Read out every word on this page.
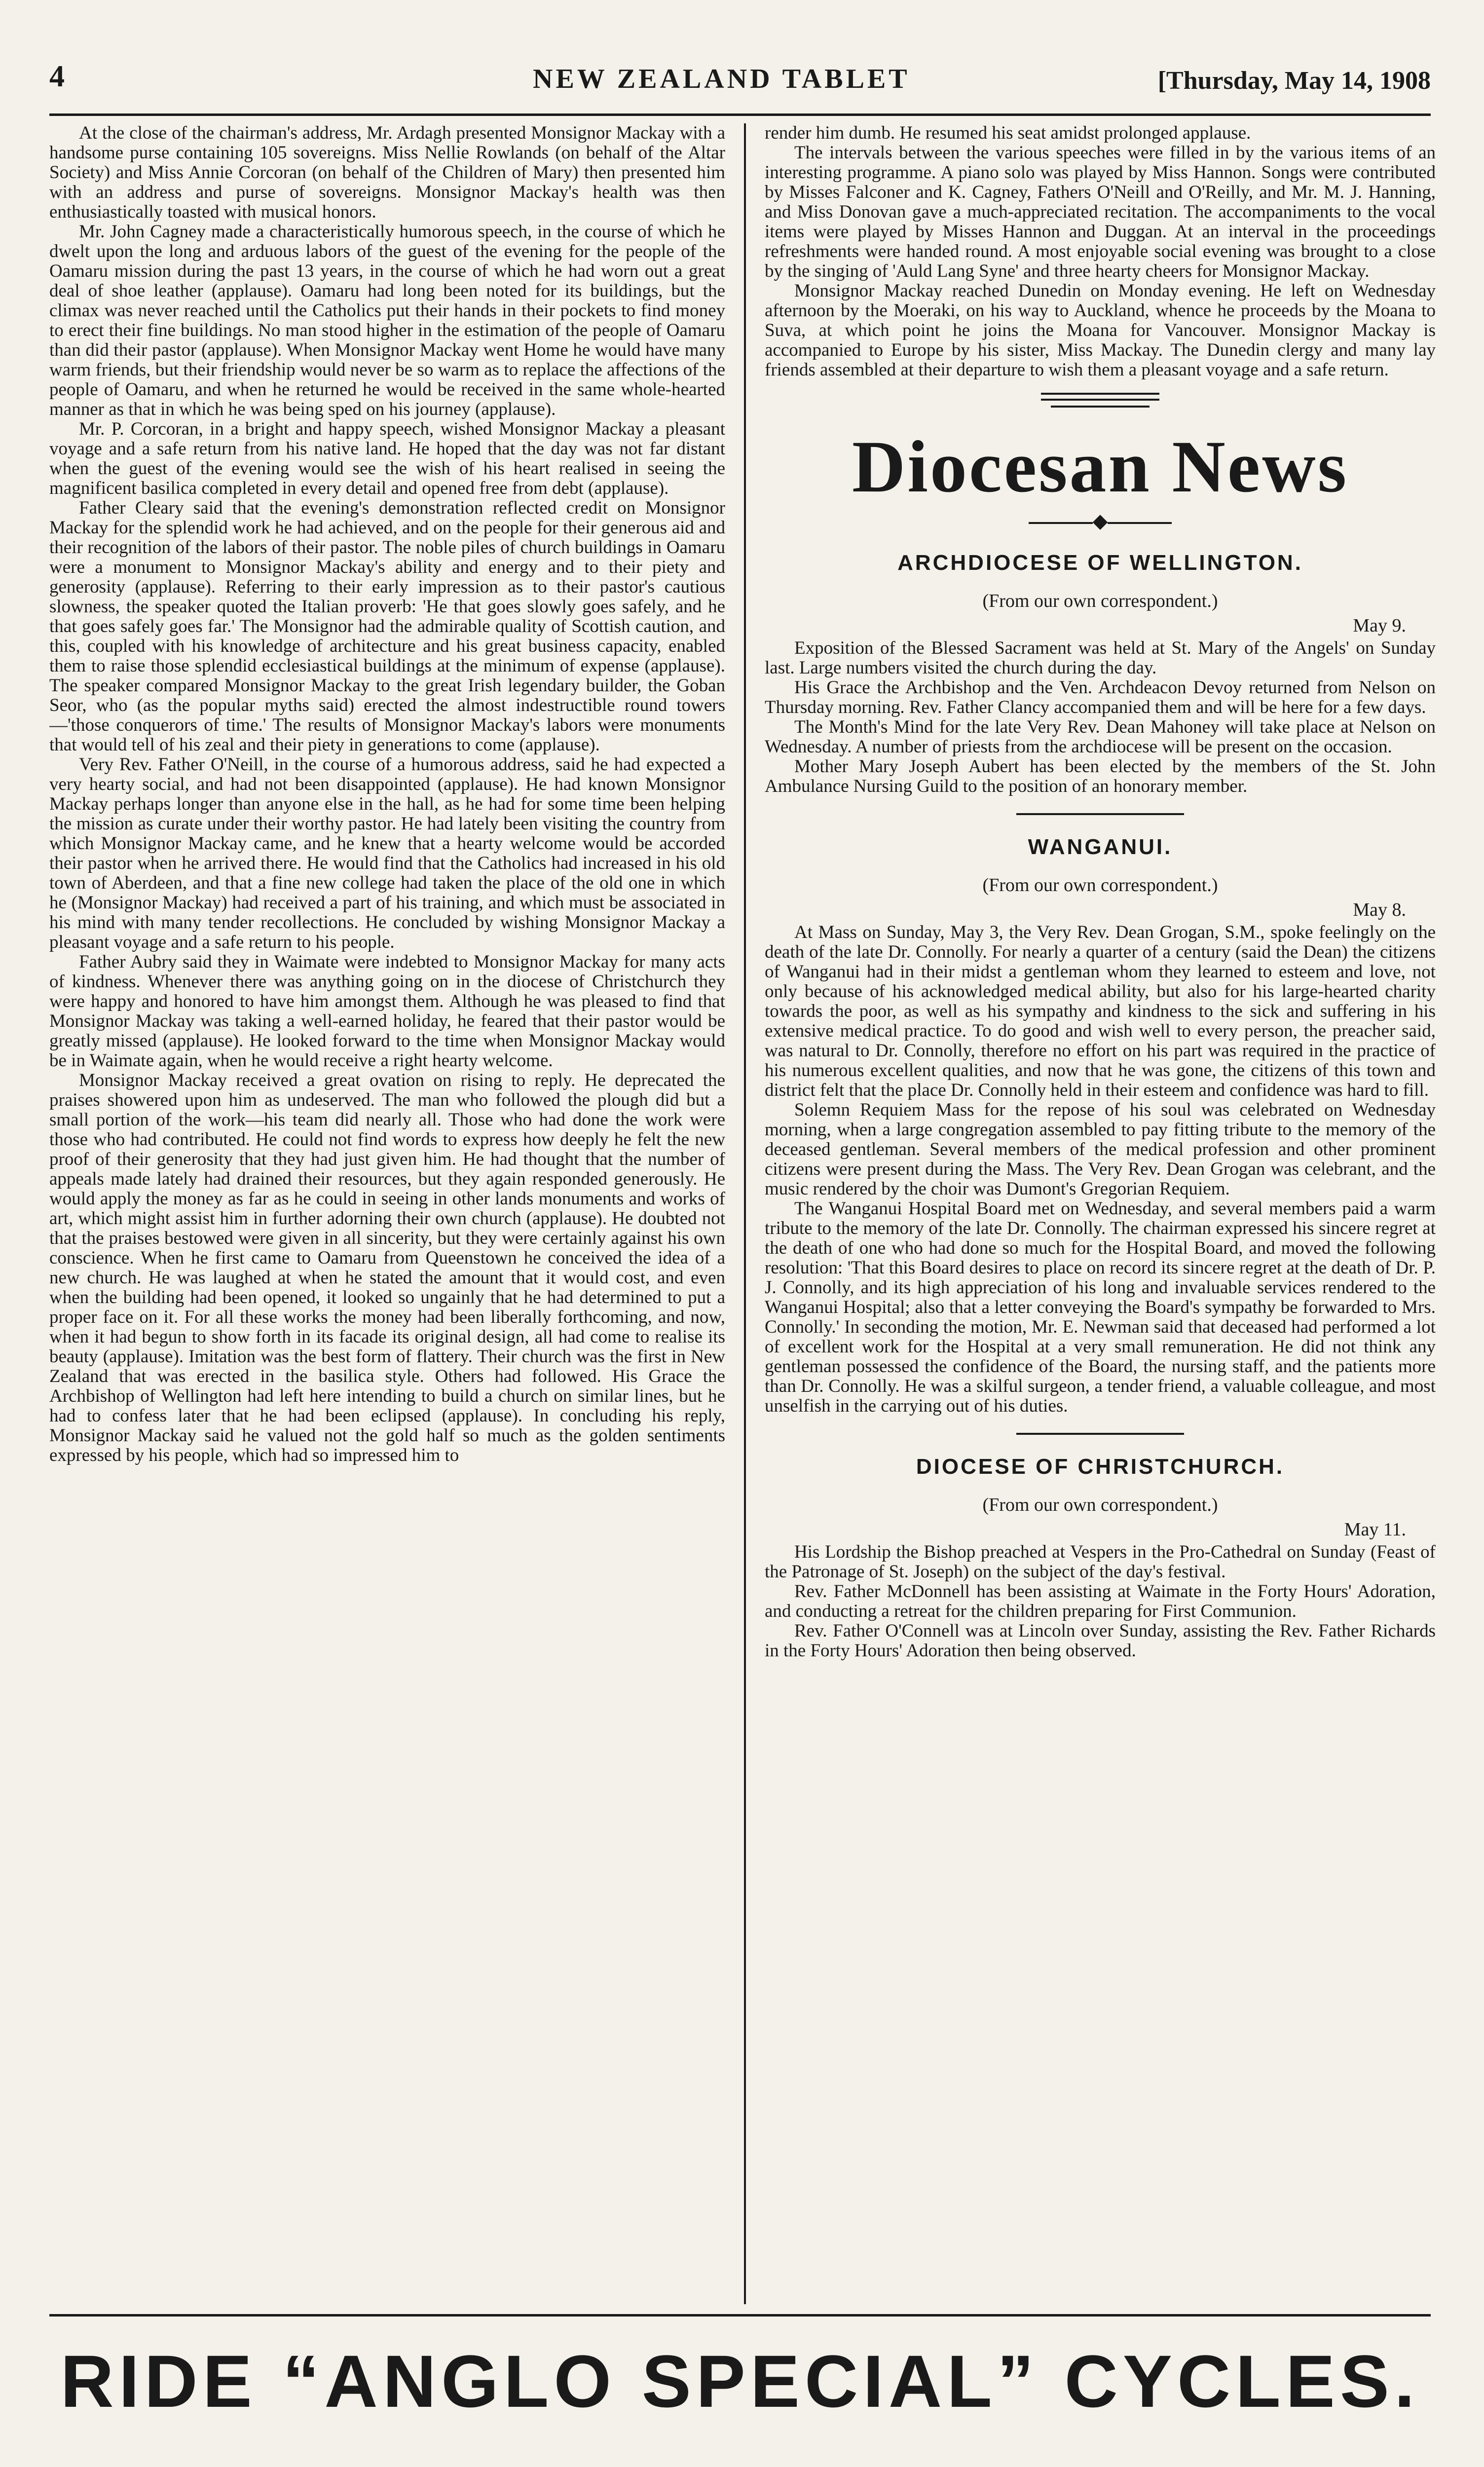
4	NEW ZEALAND TABLET	[Thursday, May 14, 1908

At the close of the chairman's address, Mr. Ardagh presented Monsignor Mackay with a handsome purse containing 105 sovereigns. Miss Nellie Rowlands (on behalf of the Altar Society) and Miss Annie Corcoran (on behalf of the Children of Mary) then presented him with an address and purse of sovereigns. Monsignor Mackay's health was then enthusiastically toasted with musical honors.

Mr. John Cagney made a characteristically humorous speech, in the course of which he dwelt upon the long and arduous labors of the guest of the evening for the people of the Oamaru mission during the past 13 years, in the course of which he had worn out a great deal of shoe leather (applause). Oamaru had long been noted for its buildings, but the climax was never reached until the Catholics put their hands in their pockets to find money to erect their fine buildings. No man stood higher in the estimation of the people of Oamaru than did their pastor (applause). When Monsignor Mackay went Home he would have many warm friends, but their friendship would never be so warm as to replace the affections of the people of Oamaru, and when he returned he would be received in the same whole-hearted manner as that in which he was being sped on his journey (applause).

Mr. P. Corcoran, in a bright and happy speech, wished Monsignor Mackay a pleasant voyage and a safe return from his native land. He hoped that the day was not far distant when the guest of the evening would see the wish of his heart realised in seeing the magnificent basilica completed in every detail and opened free from debt (applause).

Father Cleary said that the evening's demonstration reflected credit on Monsignor Mackay for the splendid work he had achieved, and on the people for their generous aid and their recognition of the labors of their pastor. The noble piles of church buildings in Oamaru were a monument to Monsignor Mackay's ability and energy and to their piety and generosity (applause). Referring to their early impression as to their pastor's cautious slowness, the speaker quoted the Italian proverb: 'He that goes slowly goes safely, and he that goes safely goes far.' The Monsignor had the admirable quality of Scottish caution, and this, coupled with his knowledge of architecture and his great business capacity, enabled them to raise those splendid ecclesiastical buildings at the minimum of expense (applause). The speaker compared Monsignor Mackay to the great Irish legendary builder, the Goban Seor, who (as the popular myths said) erected the almost indestructible round towers—'those conquerors of time.' The results of Monsignor Mackay's labors were monuments that would tell of his zeal and their piety in generations to come (applause).

Very Rev. Father O'Neill, in the course of a humorous address, said he had expected a very hearty social, and had not been disappointed (applause). He had known Monsignor Mackay perhaps longer than anyone else in the hall, as he had for some time been helping the mission as curate under their worthy pastor. He had lately been visiting the country from which Monsignor Mackay came, and he knew that a hearty welcome would be accorded their pastor when he arrived there. He would find that the Catholics had increased in his old town of Aberdeen, and that a fine new college had taken the place of the old one in which he (Monsignor Mackay) had received a part of his training, and which must be associated in his mind with many tender recollections. He concluded by wishing Monsignor Mackay a pleasant voyage and a safe return to his people.

Father Aubry said they in Waimate were indebted to Monsignor Mackay for many acts of kindness. Whenever there was anything going on in the diocese of Christchurch they were happy and honored to have him amongst them. Although he was pleased to find that Monsignor Mackay was taking a well-earned holiday, he feared that their pastor would be greatly missed (applause). He looked forward to the time when Monsignor Mackay would be in Waimate again, when he would receive a right hearty welcome.

Monsignor Mackay received a great ovation on rising to reply. He deprecated the praises showered upon him as undeserved. The man who followed the plough did but a small portion of the work—his team did nearly all. Those who had done the work were those who had contributed. He could not find words to express how deeply he felt the new proof of their generosity that they had just given him. He had thought that the number of appeals made lately had drained their resources, but they again responded generously. He would apply the money as far as he could in seeing in other lands monuments and works of art, which might assist him in further adorning their own church (applause). He doubted not that the praises bestowed were given in all sincerity, but they were certainly against his own conscience. When he first came to Oamaru from Queenstown he conceived the idea of a new church. He was laughed at when he stated the amount that it would cost, and even when the building had been opened, it looked so ungainly that he had determined to put a proper face on it. For all these works the money had been liberally forthcoming, and now, when it had begun to show forth in its facade its original design, all had come to realise its beauty (applause). Imitation was the best form of flattery. Their church was the first in New Zealand that was erected in the basilica style. Others had followed. His Grace the Archbishop of Wellington had left here intending to build a church on similar lines, but he had to confess later that he had been eclipsed (applause). In concluding his reply, Monsignor Mackay said he valued not the gold half so much as the golden sentiments expressed by his people, which had so impressed him to

render him dumb. He resumed his seat amidst prolonged applause.

The intervals between the various speeches were filled in by the various items of an interesting programme. A piano solo was played by Miss Hannon. Songs were contributed by Misses Falconer and K. Cagney, Fathers O'Neill and O'Reilly, and Mr. M. J. Hanning, and Miss Donovan gave a much-appreciated recitation. The accompaniments to the vocal items were played by Misses Hannon and Duggan. At an interval in the proceedings refreshments were handed round. A most enjoyable social evening was brought to a close by the singing of 'Auld Lang Syne' and three hearty cheers for Monsignor Mackay.

Monsignor Mackay reached Dunedin on Monday evening. He left on Wednesday afternoon by the Moeraki, on his way to Auckland, whence he proceeds by the Moana to Suva, at which point he joins the Moana for Vancouver. Monsignor Mackay is accompanied to Europe by his sister, Miss Mackay. The Dunedin clergy and many lay friends assembled at their departure to wish them a pleasant voyage and a safe return.

Diocesan News
◆
ARCHDIOCESE OF WELLINGTON.
(From our own correspondent.)
May 9.

Exposition of the Blessed Sacrament was held at St. Mary of the Angels' on Sunday last. Large numbers visited the church during the day.

His Grace the Archbishop and the Ven. Archdeacon Devoy returned from Nelson on Thursday morning. Rev. Father Clancy accompanied them and will be here for a few days.

The Month's Mind for the late Very Rev. Dean Mahoney will take place at Nelson on Wednesday. A number of priests from the archdiocese will be present on the occasion.

Mother Mary Joseph Aubert has been elected by the members of the St. John Ambulance Nursing Guild to the position of an honorary member.

WANGANUI.
(From our own correspondent.)
May 8.

At Mass on Sunday, May 3, the Very Rev. Dean Grogan, S.M., spoke feelingly on the death of the late Dr. Connolly. For nearly a quarter of a century (said the Dean) the citizens of Wanganui had in their midst a gentleman whom they learned to esteem and love, not only because of his acknowledged medical ability, but also for his large-hearted charity towards the poor, as well as his sympathy and kindness to the sick and suffering in his extensive medical practice. To do good and wish well to every person, the preacher said, was natural to Dr. Connolly, therefore no effort on his part was required in the practice of his numerous excellent qualities, and now that he was gone, the citizens of this town and district felt that the place Dr. Connolly held in their esteem and confidence was hard to fill.

Solemn Requiem Mass for the repose of his soul was celebrated on Wednesday morning, when a large congregation assembled to pay fitting tribute to the memory of the deceased gentleman. Several members of the medical profession and other prominent citizens were present during the Mass. The Very Rev. Dean Grogan was celebrant, and the music rendered by the choir was Dumont's Gregorian Requiem.

The Wanganui Hospital Board met on Wednesday, and several members paid a warm tribute to the memory of the late Dr. Connolly. The chairman expressed his sincere regret at the death of one who had done so much for the Hospital Board, and moved the following resolution: 'That this Board desires to place on record its sincere regret at the death of Dr. P. J. Connolly, and its high appreciation of his long and invaluable services rendered to the Wanganui Hospital; also that a letter conveying the Board's sympathy be forwarded to Mrs. Connolly.' In seconding the motion, Mr. E. Newman said that deceased had performed a lot of excellent work for the Hospital at a very small remuneration. He did not think any gentleman possessed the confidence of the Board, the nursing staff, and the patients more than Dr. Connolly. He was a skilful surgeon, a tender friend, a valuable colleague, and most unselfish in the carrying out of his duties.

DIOCESE OF CHRISTCHURCH.
(From our own correspondent.)
May 11.

His Lordship the Bishop preached at Vespers in the Pro-Cathedral on Sunday (Feast of the Patronage of St. Joseph) on the subject of the day's festival.

Rev. Father McDonnell has been assisting at Waimate in the Forty Hours' Adoration, and conducting a retreat for the children preparing for First Communion.

Rev. Father O'Connell was at Lincoln over Sunday, assisting the Rev. Father Richards in the Forty Hours' Adoration then being observed.

RIDE “ANGLO SPECIAL” CYCLES.
